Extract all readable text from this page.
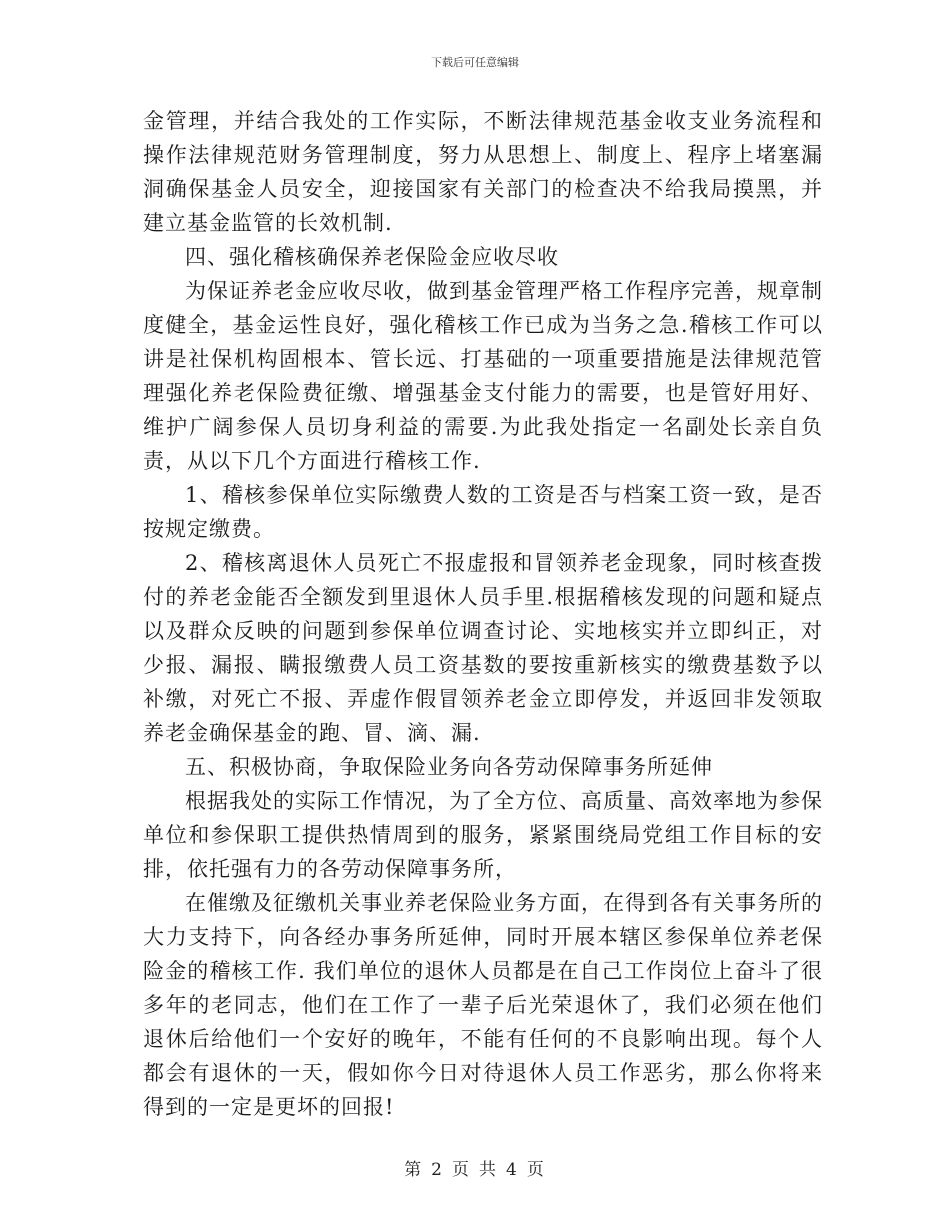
下载后可任意编辑

金管理，并结合我处的工作实际，不断法律规范基金收支业务流程和操作法律规范财务管理制度，努力从思想上、制度上、程序上堵塞漏洞确保基金人员安全，迎接国家有关部门的检查决不给我局摸黑，并建立基金监管的长效机制.

四、强化稽核确保养老保险金应收尽收

为保证养老金应收尽收，做到基金管理严格工作程序完善，规章制度健全，基金运性良好，强化稽核工作已成为当务之急.稽核工作可以讲是社保机构固根本、管长远、打基础的一项重要措施是法律规范管理强化养老保险费征缴、增强基金支付能力的需要，也是管好用好、维护广阔参保人员切身利益的需要.为此我处指定一名副处长亲自负责，从以下几个方面进行稽核工作.

1、稽核参保单位实际缴费人数的工资是否与档案工资一致，是否按规定缴费。

2、稽核离退休人员死亡不报虚报和冒领养老金现象，同时核查拨付的养老金能否全额发到里退休人员手里.根据稽核发现的问题和疑点以及群众反映的问题到参保单位调查讨论、实地核实并立即纠正，对少报、漏报、瞒报缴费人员工资基数的要按重新核实的缴费基数予以补缴，对死亡不报、弄虚作假冒领养老金立即停发，并返回非发领取养老金确保基金的跑、冒、滴、漏.

五、积极协商，争取保险业务向各劳动保障事务所延伸

根据我处的实际工作情况，为了全方位、高质量、高效率地为参保单位和参保职工提供热情周到的服务，紧紧围绕局党组工作目标的安排，依托强有力的各劳动保障事务所，

在催缴及征缴机关事业养老保险业务方面，在得到各有关事务所的大力支持下，向各经办事务所延伸，同时开展本辖区参保单位养老保险金的稽核工作. 我们单位的退休人员都是在自己工作岗位上奋斗了很多年的老同志，他们在工作了一辈子后光荣退休了，我们必须在他们退休后给他们一个安好的晚年，不能有任何的不良影响出现。每个人都会有退休的一天，假如你今日对待退休人员工作恶劣，那么你将来得到的一定是更坏的回报!

第 2 页 共 4 页
